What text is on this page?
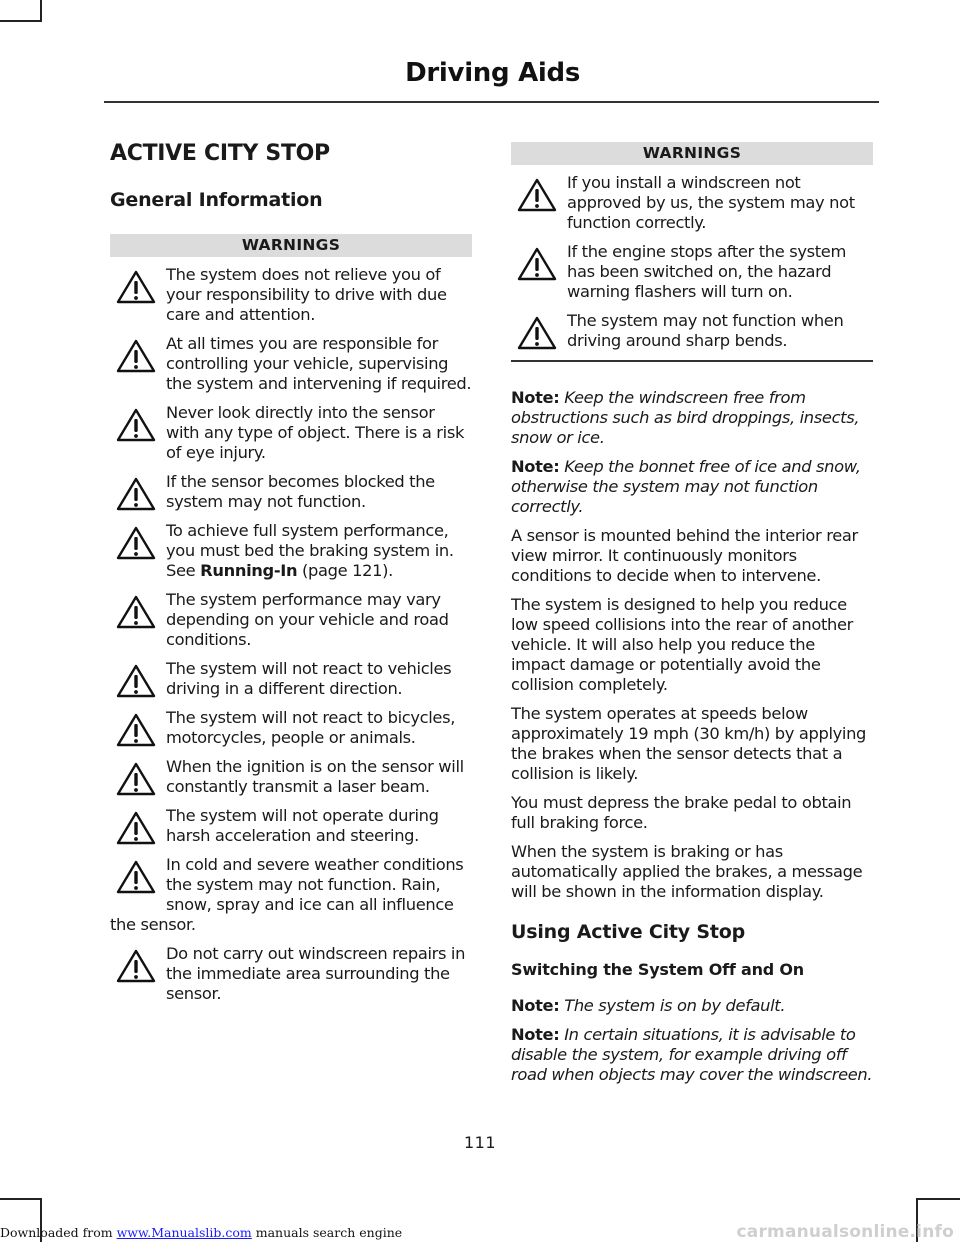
Driving Aids
ACTIVE CITY STOP
General Information
WARNINGS
The system does not relieve you of your responsibility to drive with due care and attention.
At all times you are responsible for controlling your vehicle, supervising the system and intervening if required.
Never look directly into the sensor with any type of object. There is a risk of eye injury.
If the sensor becomes blocked the system may not function.
To achieve full system performance, you must bed the braking system in. See Running-In (page 121).
The system performance may vary depending on your vehicle and road conditions.
The system will not react to vehicles driving in a different direction.
The system will not react to bicycles, motorcycles, people or animals.
When the ignition is on the sensor will constantly transmit a laser beam.
The system will not operate during harsh acceleration and steering.
In cold and severe weather conditions the system may not function. Rain, snow, spray and ice can all influence the sensor.
Do not carry out windscreen repairs in the immediate area surrounding the sensor.
WARNINGS
If you install a windscreen not approved by us, the system may not function correctly.
If the engine stops after the system has been switched on, the hazard warning flashers will turn on.
The system may not function when driving around sharp bends.

Note: Keep the windscreen free from obstructions such as bird droppings, insects, snow or ice.

Note: Keep the bonnet free of ice and snow, otherwise the system may not function correctly.

A sensor is mounted behind the interior rear view mirror. It continuously monitors conditions to decide when to intervene.

The system is designed to help you reduce low speed collisions into the rear of another vehicle. It will also help you reduce the impact damage or potentially avoid the collision completely.

The system operates at speeds below approximately 19 mph (30 km/h) by applying the brakes when the sensor detects that a collision is likely.

You must depress the brake pedal to obtain full braking force.

When the system is braking or has automatically applied the brakes, a message will be shown in the information display.

Using Active City Stop
Switching the System Off and On

Note: The system is on by default.

Note: In certain situations, it is advisable to disable the system, for example driving off road when objects may cover the windscreen.

111
Downloaded from www.Manualslib.com manuals search engine	carmanualsonline.info
